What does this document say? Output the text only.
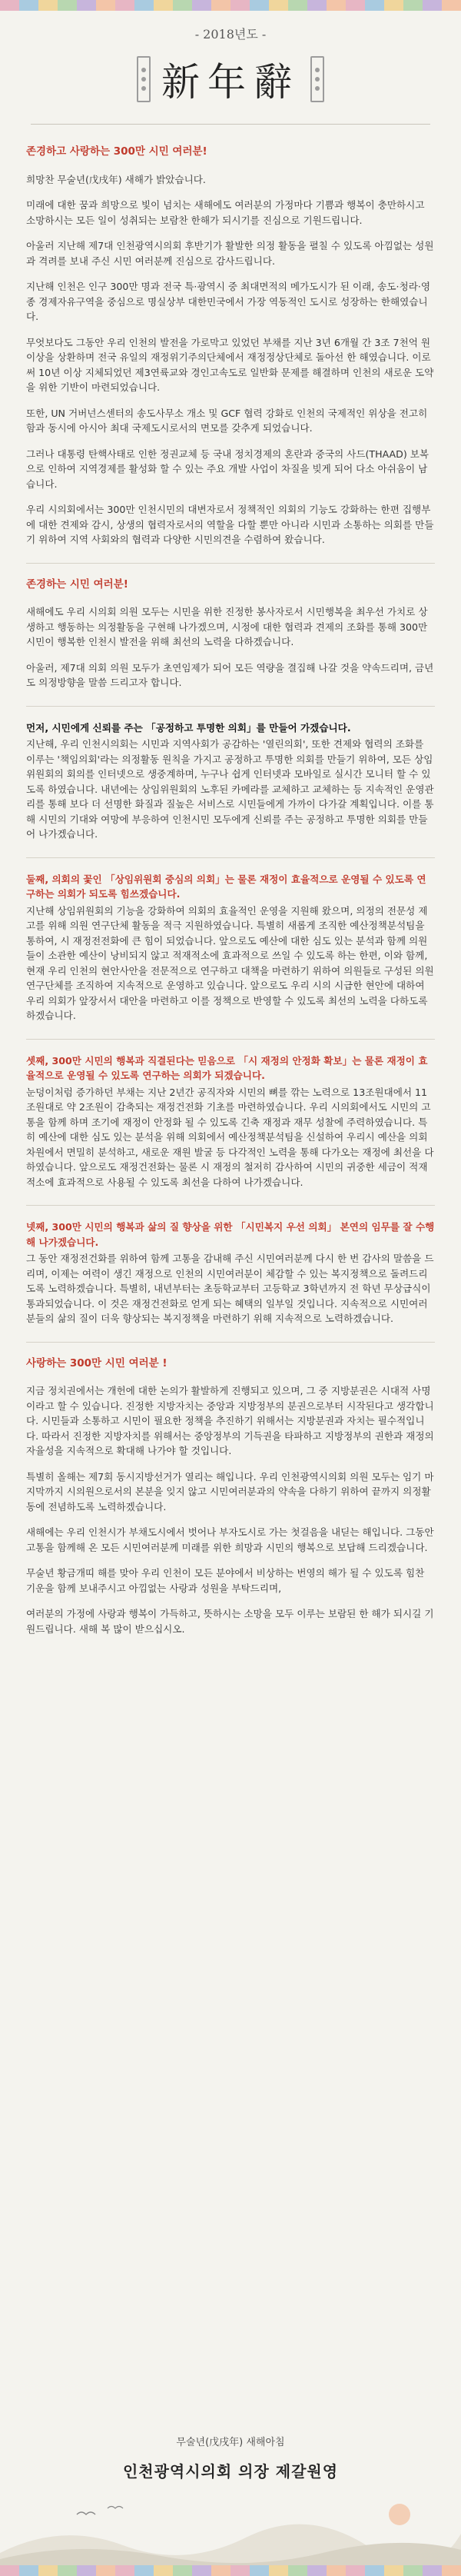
- 2018년도 -
新年辭

존경하고 사랑하는 300만 시민 여러분!

희망찬 무술년(戊戌年) 새해가 밝았습니다.

미래에 대한 꿈과 희망으로 빛이 넘치는 새해에도 여러분의 가정마다 기쁨과 행복이 충만하시고 소망하시는 모든 일이 성취되는 보람찬 한해가 되시기를 진심으로 기원드립니다.

아울러 지난해 제7대 인천광역시의회 후반기가 활발한 의정 활동을 펼칠 수 있도록 아낌없는 성원과 격려를 보내 주신 시민 여러분께 진심으로 감사드립니다.

지난해 인천은 인구 300만 명과 전국 특·광역시 중 최대면적의 메가도시가 된 이래, 송도·청라·영종 경제자유구역을 중심으로 명실상부 대한민국에서 가장 역동적인 도시로 성장하는 한해였습니다.

무엇보다도 그동안 우리 인천의 발전을 가로막고 있었던 부채를 지난 3년 6개월 간 3조 7천억 원 이상을 상환하며 전국 유일의 재정위기주의단체에서 재정정상단체로 돌아선 한 해였습니다. 이로써 10년 이상 지체되었던 제3연륙교와 경인고속도로 일반화 문제를 해결하며 인천의 새로운 도약을 위한 기반이 마련되었습니다.

또한, UN 거버넌스센터의 송도사무소 개소 및 GCF 협력 강화로 인천의 국제적인 위상을 전고히 함과 동시에 아시아 최대 국제도시로서의 면모를 갖추게 되었습니다.

그러나 대통령 탄핵사태로 인한 정권교체 등 국내 정치경제의 혼란과 중국의 사드(THAAD) 보복으로 인하여 지역경제를 활성화 할 수 있는 주요 개발 사업이 차질을 빚게 되어 다소 아쉬움이 남습니다.

우리 시의회에서는 300만 인천시민의 대변자로서 정책적인 의회의 기능도 강화하는 한편 집행부에 대한 견제와 감시, 상생의 협력자로서의 역할을 다할 뿐만 아니라 시민과 소통하는 의회를 만들기 위하여 지역 사회와의 협력과 다양한 시민의견을 수렴하여 왔습니다.

존경하는 시민 여러분!

새해에도 우리 시의회 의원 모두는 시민을 위한 진정한 봉사자로서 시민행복을 최우선 가치로 상생하고 행동하는 의정활동을 구현해 나가겠으며, 시정에 대한 협력과 견제의 조화를 통해 300만 시민이 행복한 인천시 발전을 위해 최선의 노력을 다하겠습니다.

아울러, 제7대 의회 의원 모두가 초연임제가 되어 모든 역량을 결집해 나갈 것을 약속드리며, 금년도 의정방향을 말씀 드리고자 합니다.

먼저, 시민에게 신뢰를 주는 「공정하고 투명한 의회」를 만들어 가겠습니다.

지난해, 우리 인천시의회는 시민과 지역사회가 공감하는 '열린의회', 또한 견제와 협력의 조화를 이루는 '책임의회'라는 의정활동 원칙을 가지고 공정하고 투명한 의회를 만들기 위하여, 모든 상임위원회의 회의를 인터넷으로 생중계하며, 누구나 쉽게 인터넷과 모바일로 실시간 모니터 할 수 있도록 하였습니다. 내년에는 상임위원회의 노후된 카메라를 교체하고 교체하는 등 지속적인 운영관리를 통해 보다 더 선명한 화질과 질높은 서비스로 시민들에게 가까이 다가갈 계획입니다. 이를 통해 시민의 기대와 여망에 부응하여 인천시민 모두에게 신뢰를 주는 공정하고 투명한 의회를 만들어 나가겠습니다.

둘째, 의회의 꽃인 「상임위원회 중심의 의회」는 물론 재정이 효율적으로 운영될 수 있도록 연구하는 의회가 되도록 힘쓰겠습니다.

지난해 상임위원회의 기능을 강화하여 의회의 효율적인 운영을 지원해 왔으며, 의정의 전문성 제고를 위해 의원 연구단체 활동을 적극 지원하였습니다. 특별히 새롭게 조직한 예산정책분석팀을 통하여, 시 재정전전화에 큰 힘이 되었습니다. 앞으로도 예산에 대한 심도 있는 분석과 함께 의원들이 소관한 예산이 낭비되지 않고 적재적소에 효과적으로 쓰일 수 있도록 하는 한편, 이와 함께, 현재 우리 인천의 현안사안을 전문적으로 연구하고 대책을 마련하기 위하여 의원들로 구성된 의원연구단체를 조직하여 지속적으로 운영하고 있습니다. 앞으로도 우리 시의 시급한 현안에 대하여 우리 의회가 앞장서서 대안을 마련하고 이를 정책으로 반영할 수 있도록 최선의 노력을 다하도록 하겠습니다.

셋째, 300만 시민의 행복과 직결된다는 믿음으로 「시 재정의 안정화 확보」는 물론 재정이 효율적으로 운영될 수 있도록 연구하는 의회가 되겠습니다.

눈덩이처럼 증가하던 부채는 지난 2년간 공직자와 시민의 뼈를 깎는 노력으로 13조원대에서 11조원대로 약 2조원이 감축되는 재정건전화 기초를 마련하였습니다. 우리 시의회에서도 시민의 고통을 함께 하며 조기에 재정이 안정화 될 수 있도록 긴축 재정과 재무 성찰에 주력하였습니다. 특히 예산에 대한 심도 있는 분석을 위해 의회에서 예산정책분석팀을 신설하여 우리시 예산을 의회 차원에서 면밀히 분석하고, 새로운 재원 발굴 등 다각적인 노력을 통해 다가오는 재정에 최선을 다하였습니다. 앞으로도 재정건전화는 물론 시 재정의 철저히 감사하여 시민의 귀중한 세금이 적재적소에 효과적으로 사용될 수 있도록 최선을 다하여 나가겠습니다.

넷째, 300만 시민의 행복과 삶의 질 향상을 위한 「시민복지 우선 의회」 본연의 임무를 잘 수행해 나가겠습니다.

그 동안 재정전건화를 위하여 함께 고통을 감내해 주신 시민여러분께 다시 한 번 감사의 말씀을 드리며, 이제는 여력이 생긴 재정으로 인천의 시민여러분이 체감할 수 있는 복지정책으로 돌려드리도록 노력하겠습니다. 특별히, 내년부터는 초등학교부터 고등학교 3학년까지 전 학년 무상급식이 통과되었습니다. 이 것은 재정건전화로 얻게 되는 혜택의 일부일 것입니다. 지속적으로 시민여러분들의 삶의 질이 더욱 향상되는 복지정책을 마련하기 위해 지속적으로 노력하겠습니다.

사랑하는 300만 시민 여러분 !

지금 정치권에서는 개헌에 대한 논의가 활발하게 진행되고 있으며, 그 중 지방분권은 시대적 사명이라고 할 수 있습니다. 진정한 지방자치는 중앙과 지방정부의 분권으로부터 시작된다고 생각합니다. 시민들과 소통하고 시민이 필요한 정책을 추진하기 위해서는 지방분권과 자치는 필수적입니다. 따라서 진정한 지방자치를 위해서는 중앙정부의 기득권을 타파하고 지방정부의 권한과 재정의 자율성을 지속적으로 확대해 나가야 할 것입니다.

특별히 올해는 제7회 동시지방선거가 열리는 해입니다. 우리 인천광역시의회 의원 모두는 임기 마지막까지 시의원으로서의 본분을 잊지 않고 시민여러분과의 약속을 다하기 위하여 끝까지 의정활동에 전념하도록 노력하겠습니다.

새해에는 우리 인천시가 부채도시에서 벗어나 부자도시로 가는 첫걸음을 내딛는 해입니다. 그동안 고통을 함께해 온 모든 시민여러분께 미래를 위한 희망과 시민의 행복으로 보답해 드리겠습니다.

무술년 황금개띠 해를 맞아 우리 인천이 모든 분야에서 비상하는 번영의 해가 될 수 있도록 힘찬 기운을 함께 보내주시고 아낌없는 사랑과 성원을 부탁드리며,

여러분의 가정에 사랑과 행복이 가득하고, 뜻하시는 소망을 모두 이루는 보람된 한 해가 되시길 기원드립니다. 새해 복 많이 받으십시오.

무술년(戊戌年) 새해아침
인천광역시의회 의장 제갈원영
